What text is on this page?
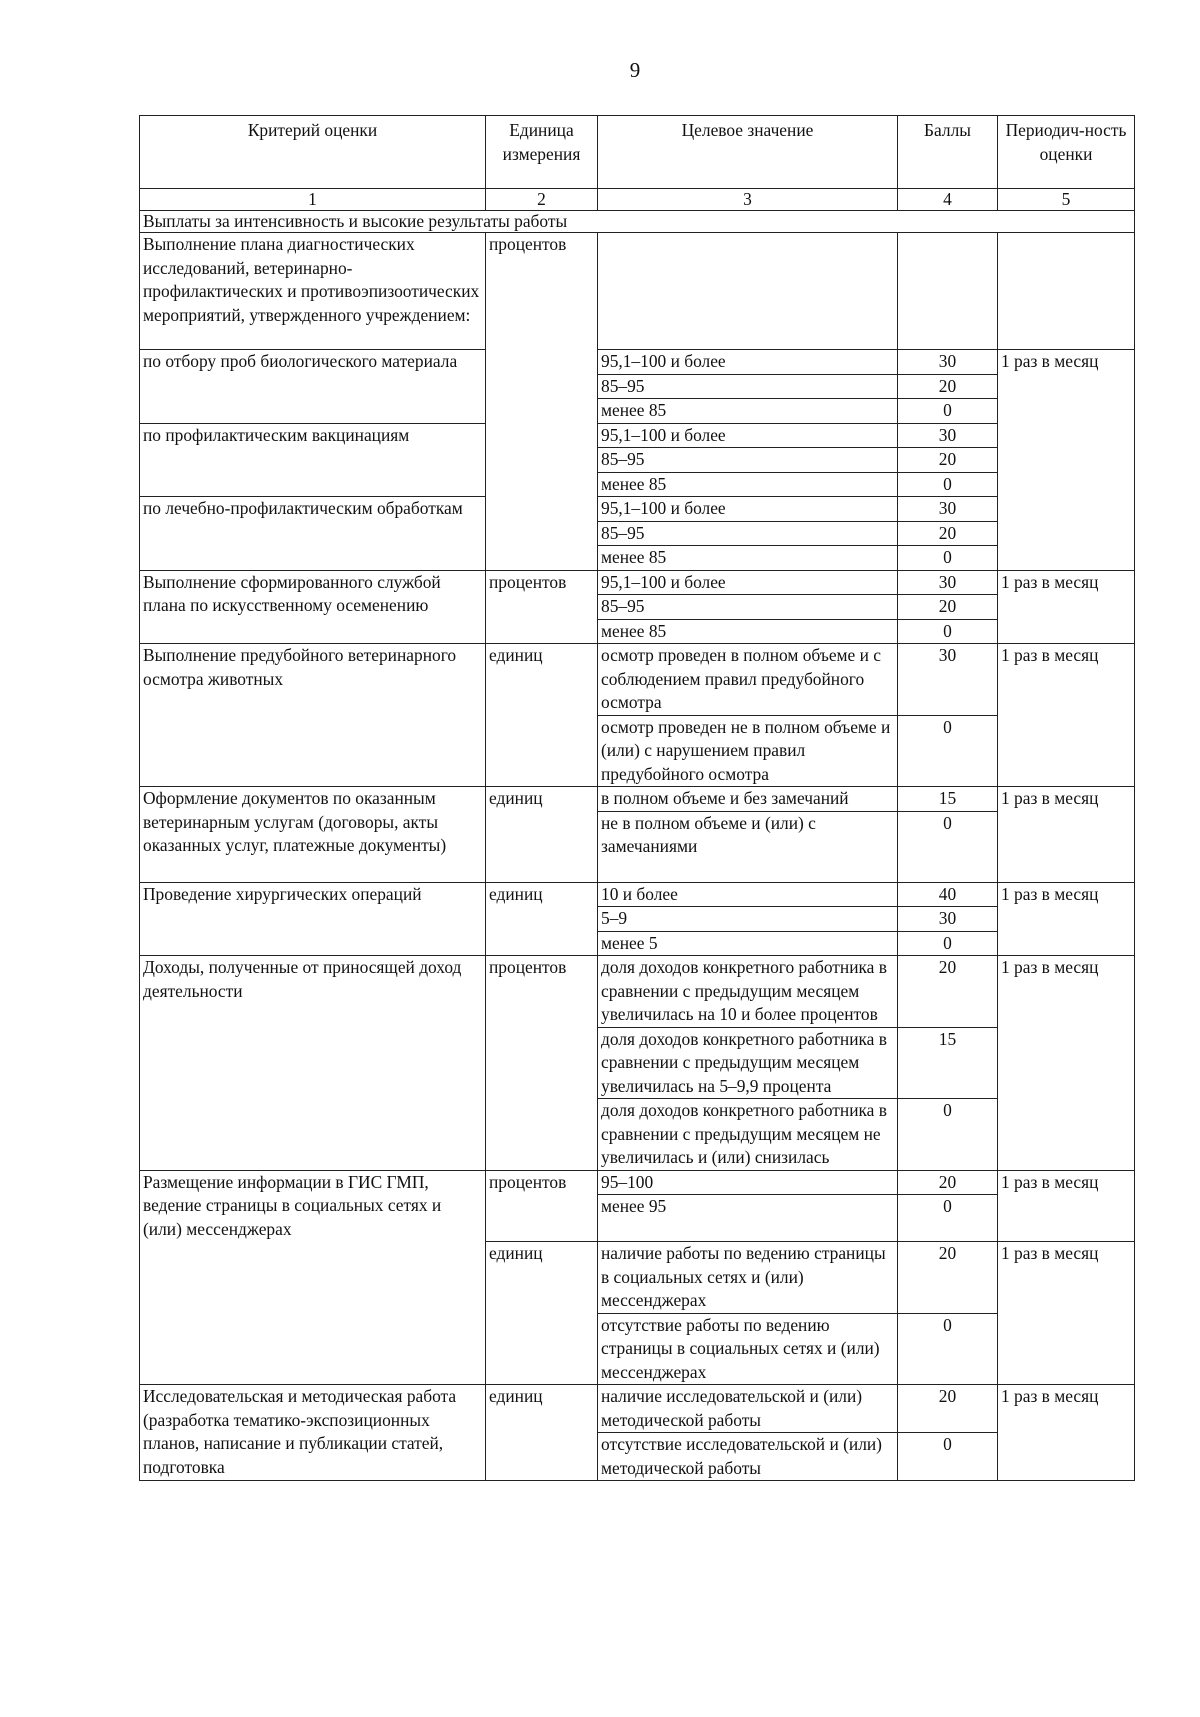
9
Критерий оценки	Единица измерения	Целевое значение	Баллы	Периодич-ность оценки
1	2	3	4	5
Выплаты за интенсивность и высокие результаты работы				
Выполнение плана диагностических исследований, ветеринарно-профилактических и противоэпизоотических мероприятий, утвержденного учреждением:	процентов			
по отбору проб биологического материала		95,1–100 и более	30	1 раз в месяц
		85–95	20	
		менее 85	0	
по профилактическим вакцинациям		95,1–100 и более	30	
		85–95	20	
		менее 85	0	
по лечебно-профилактическим обработкам		95,1–100 и более	30	
		85–95	20	
		менее 85	0	
Выполнение сформированного службой плана по искусственному осеменению	процентов	95,1–100 и более	30	1 раз в месяц
		85–95	20	
		менее 85	0	
Выполнение предубойного ветеринарного осмотра животных	единиц	осмотр проведен в полном объеме и с соблюдением правил предубойного осмотра	30	1 раз в месяц
		осмотр проведен не в полном объеме и (или) с нарушением правил предубойного осмотра	0	
Оформление документов по оказанным ветеринарным услугам (договоры, акты оказанных услуг, платежные документы)	единиц	в полном объеме и без замечаний	15	1 раз в месяц
		не в полном объеме и (или) с замечаниями	0	
Проведение хирургических операций	единиц	10 и более	40	1 раз в месяц
		5–9	30	
		менее 5	0	
Доходы, полученные от приносящей доход деятельности	процентов	доля доходов конкретного работника в сравнении с предыдущим месяцем увеличилась на 10 и более процентов	20	1 раз в месяц
		доля доходов конкретного работника в сравнении с предыдущим месяцем увеличилась на 5–9,9 процента	15	
		доля доходов конкретного работника в сравнении с предыдущим месяцем не увеличилась и (или) снизилась	0	
Размещение информации в ГИС ГМП, ведение страницы в социальных сетях и (или) мессенджерах	процентов	95–100	20	1 раз в месяц
		менее 95	0	
	единиц	наличие работы по ведению страницы в социальных сетях и (или) мессенджерах	20	1 раз в месяц
		отсутствие работы по ведению страницы в социальных сетях и (или) мессенджерах	0	
Исследовательская и методическая работа (разработка тематико-экспозиционных планов, написание и публикации статей, подготовка	единиц	наличие исследовательской и (или) методической работы	20	1 раз в месяц
		отсутствие исследовательской и (или) методической работы	0	
